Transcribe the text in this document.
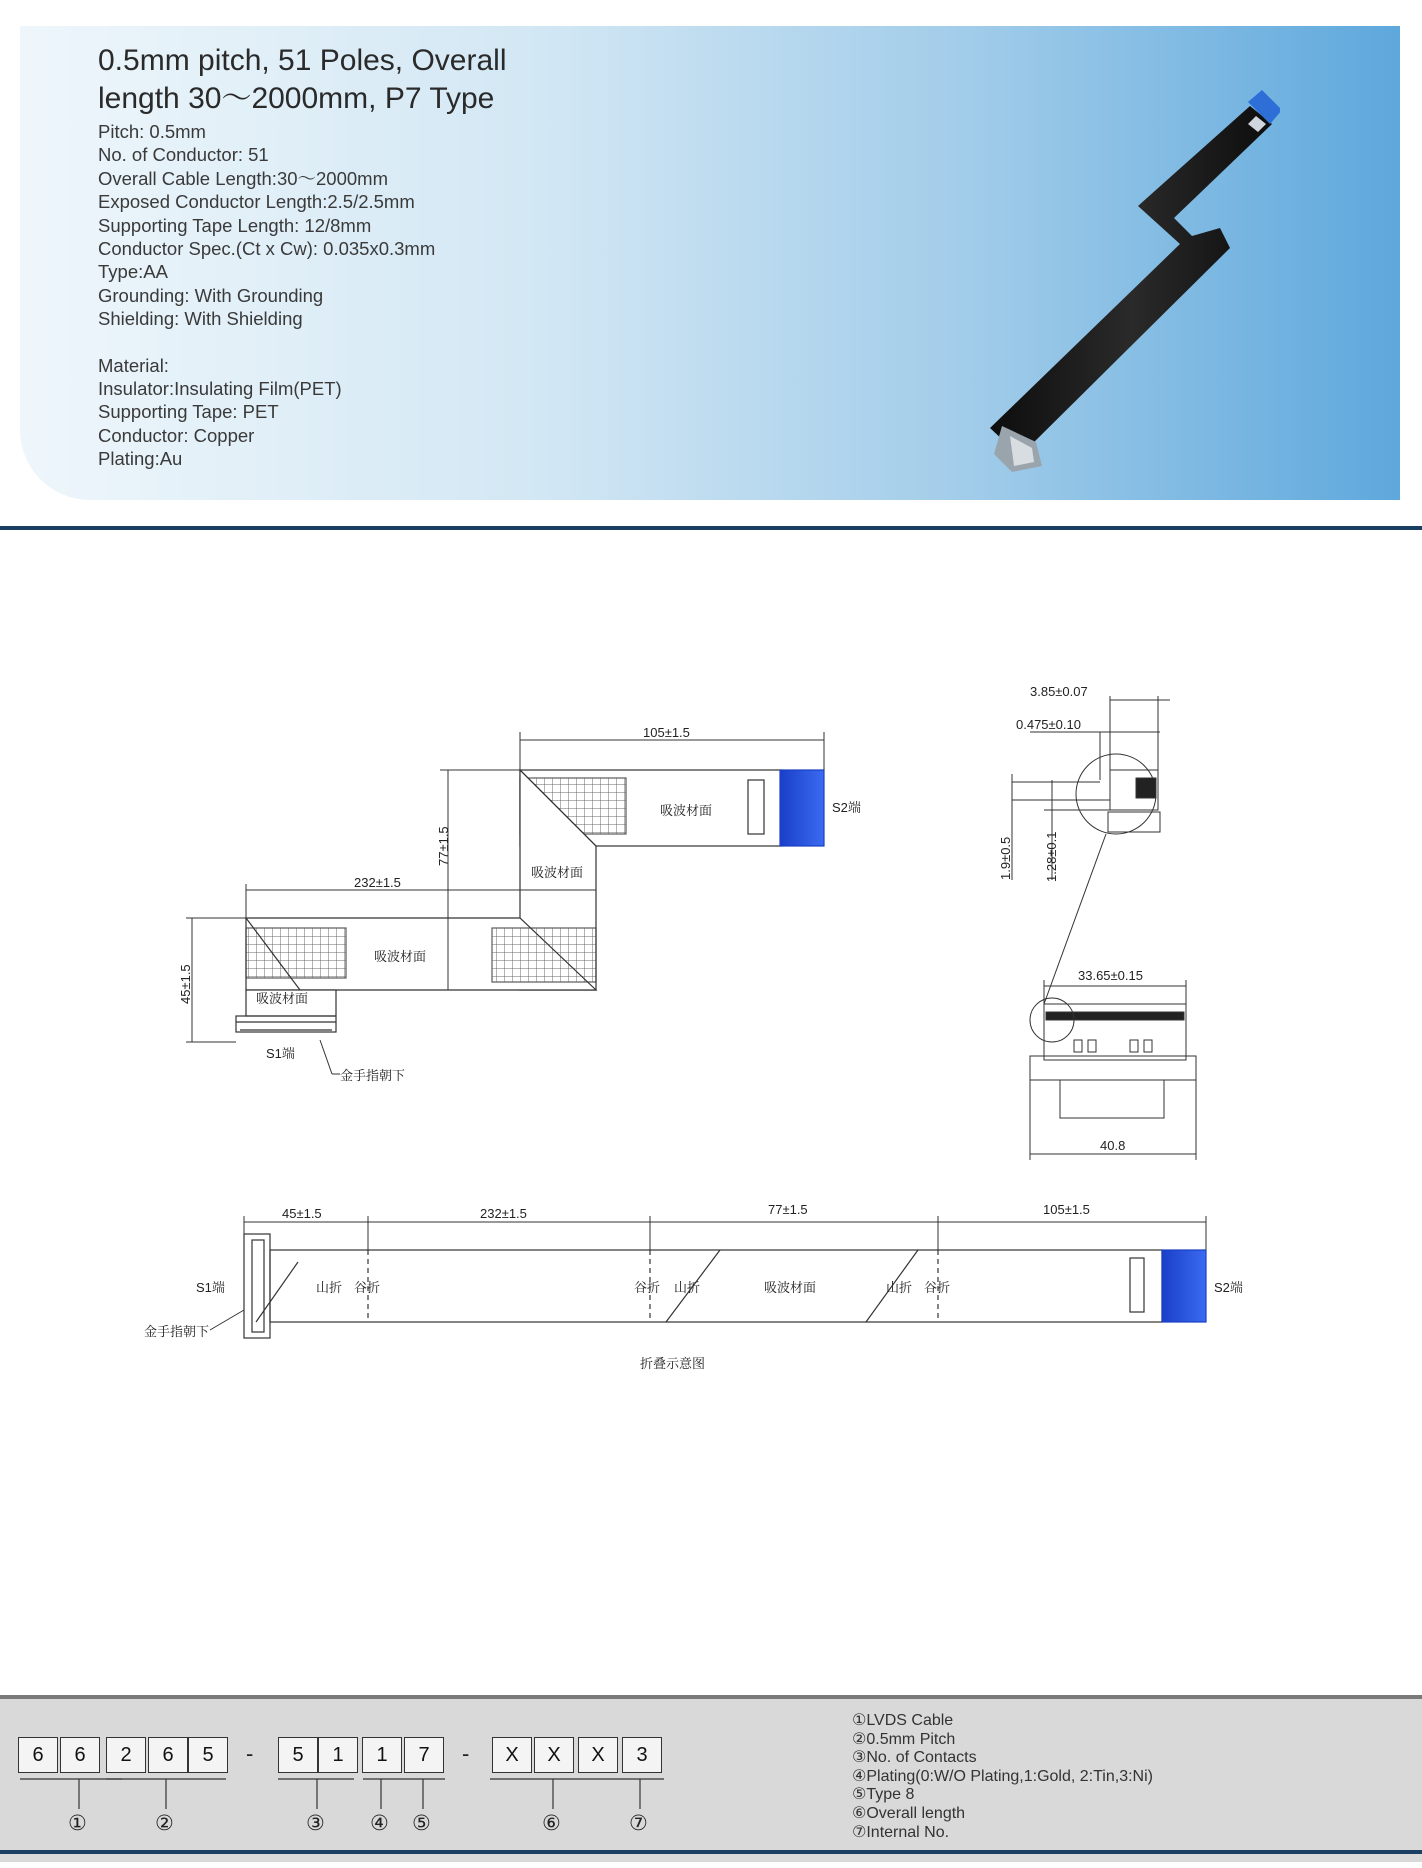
0.5mm pitch, 51 Poles, Overall
length 30～2000mm, P7 Type
Pitch: 0.5mm
No. of Conductor: 51
Overall Cable Length:30～2000mm
Exposed Conductor Length:2.5/2.5mm
Supporting Tape Length: 12/8mm
Conductor Spec.(Ct x Cw): 0.035x0.3mm
Type:AA
Grounding: With Grounding
Shielding: With Shielding
Material:
Insulator:Insulating Film(PET)
Supporting Tape: PET
Conductor: Copper
Plating:Au
105±1.5
77±1.5
232±1.5
45±1.5
吸波材面
吸波材面
吸波材面
吸波材面
S2端
S1端
金手指朝下
3.85±0.07
0.475±0.10
1.9±0.5 1.28±0.1
33.65±0.15
40.8
45±1.5	232±1.5	77±1.5	105±1.5
S1端	S2端
金手指朝下
山折 谷折	谷折 山折	吸波材面	山折 谷折
折叠示意图
6	6	2	6	5	-	5	1	1	7	-	X	X	X	3
①	②	③ ④ ⑤	⑥	⑦
①LVDS Cable
②0.5mm Pitch
③No. of Contacts
④Plating(0:W/O Plating,1:Gold, 2:Tin,3:Ni)
⑤Type 8
⑥Overall length
⑦Internal No.
